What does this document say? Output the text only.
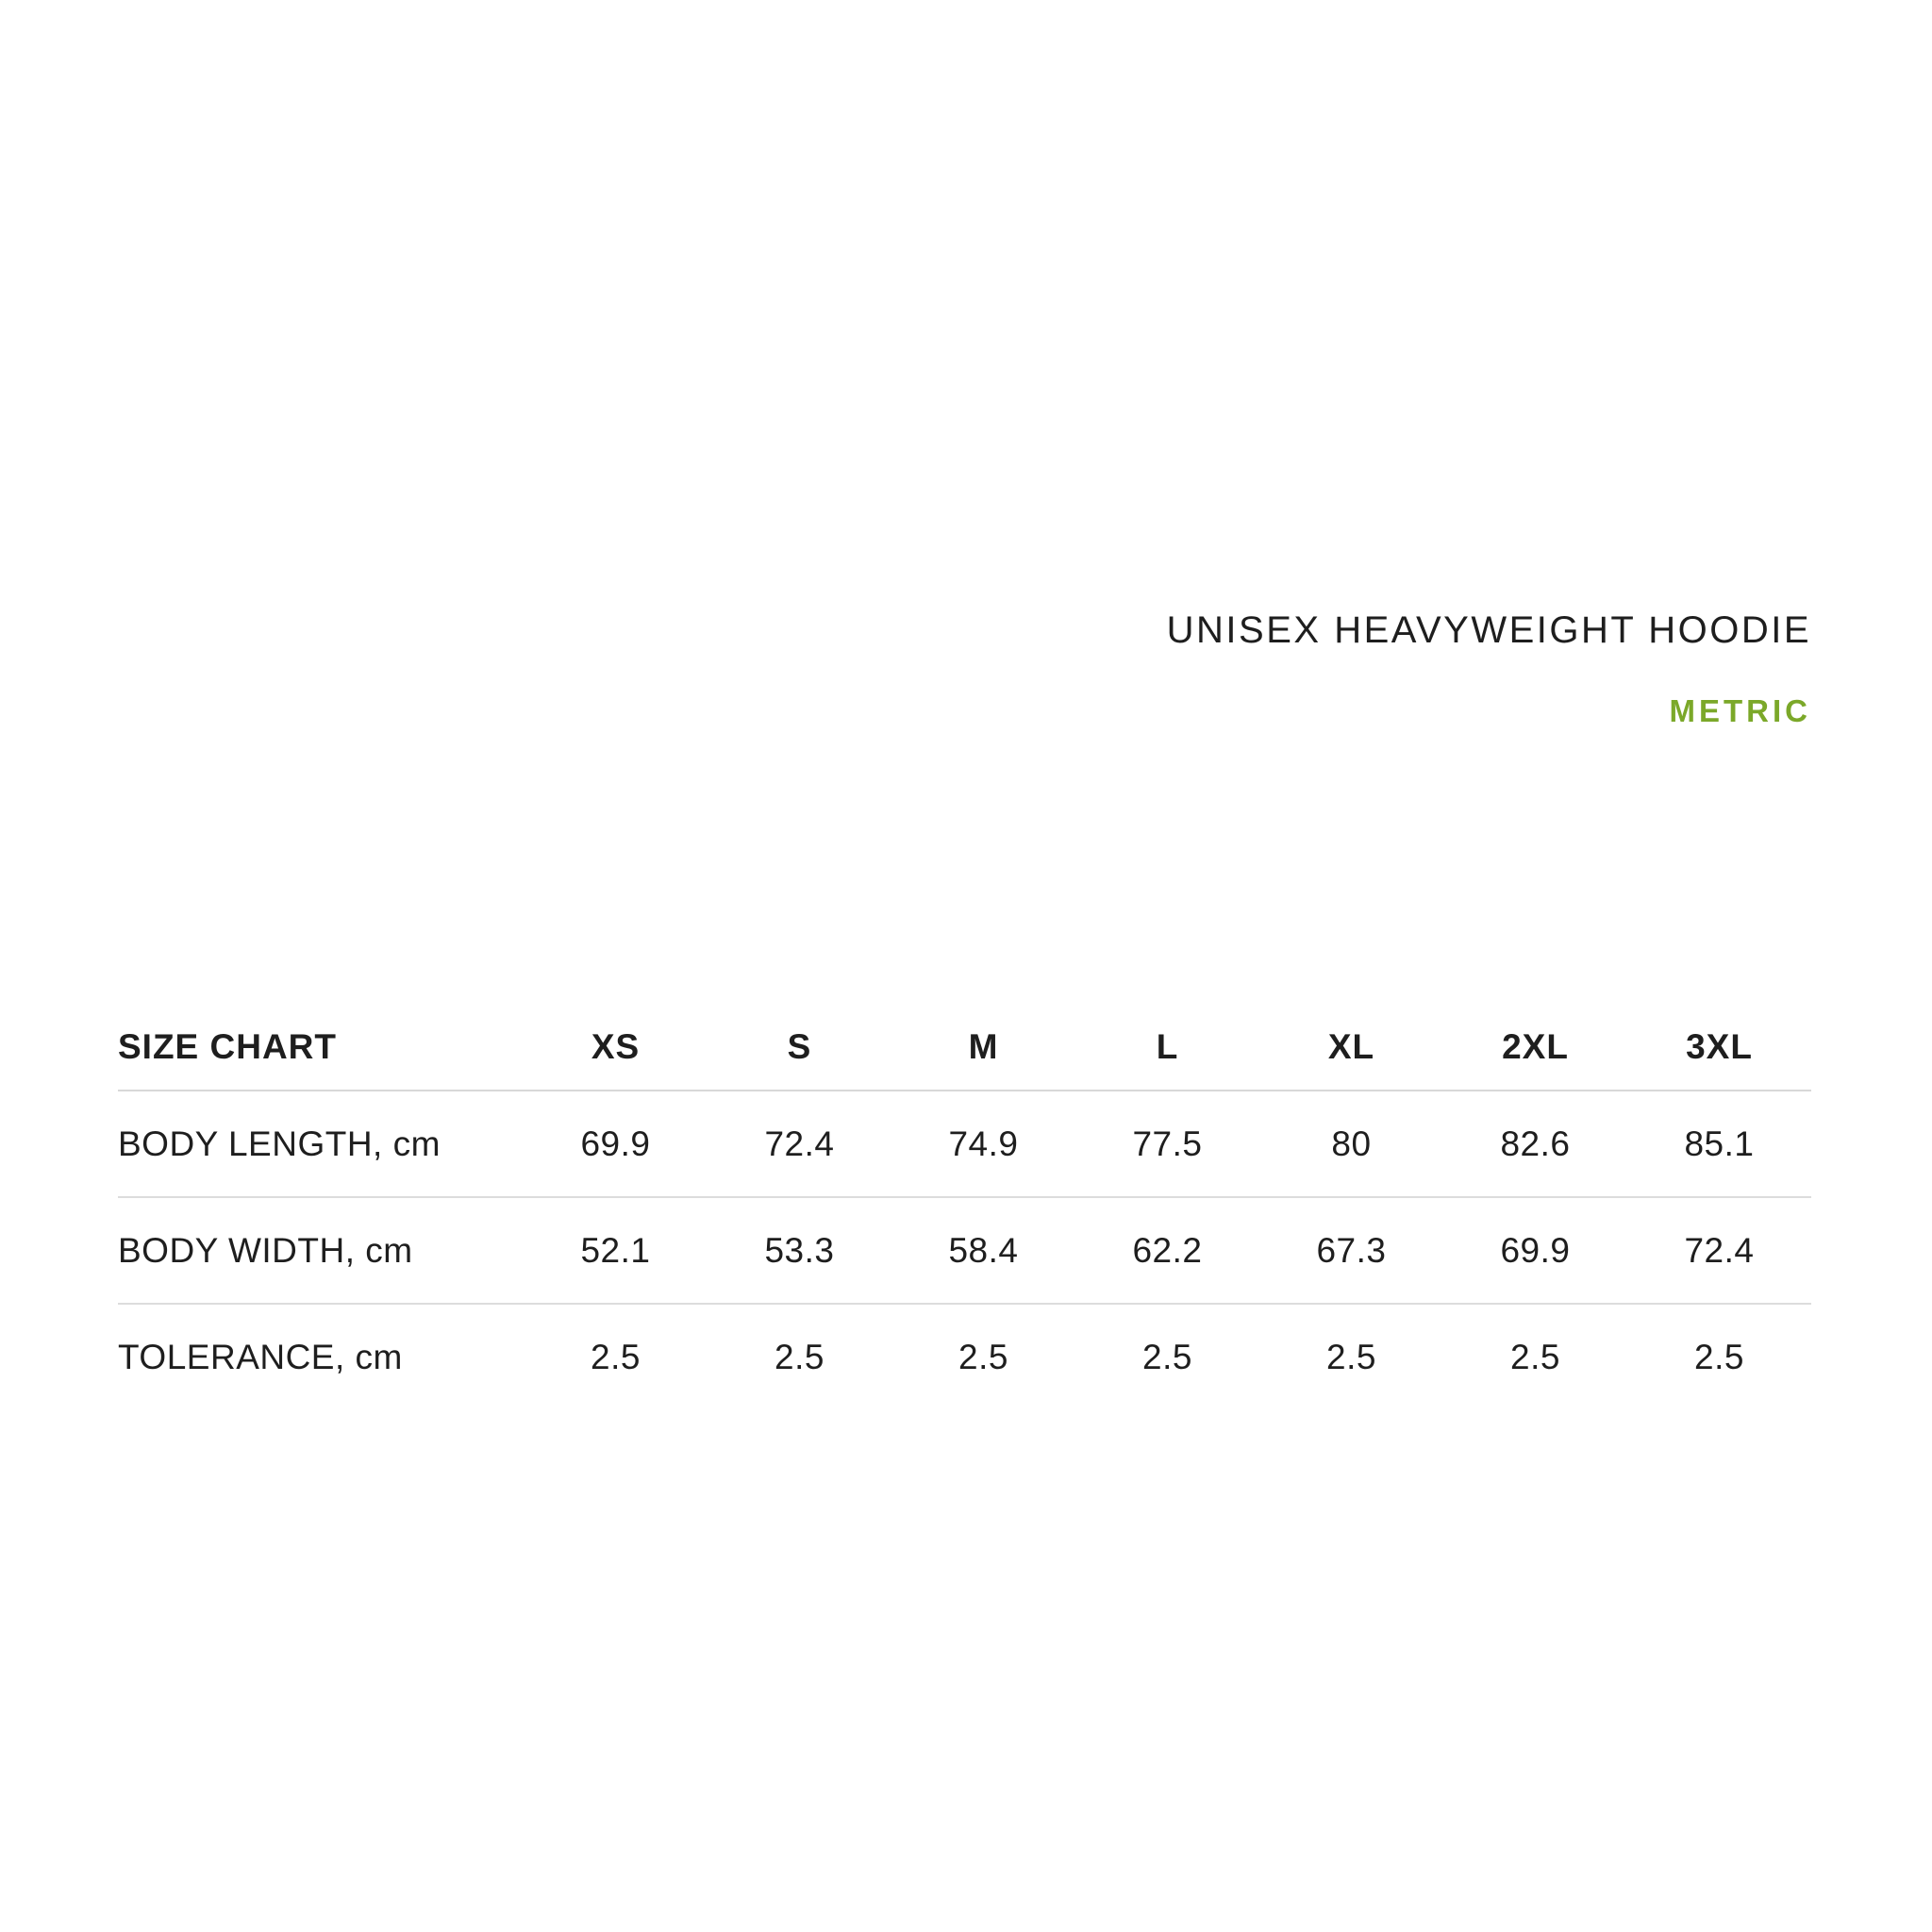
UNISEX HEAVYWEIGHT HOODIE
METRIC
SIZE CHART	XS	S	M	L	XL	2XL	3XL
BODY LENGTH, cm	69.9	72.4	74.9	77.5	80	82.6	85.1
BODY WIDTH, cm	52.1	53.3	58.4	62.2	67.3	69.9	72.4
TOLERANCE, cm	2.5	2.5	2.5	2.5	2.5	2.5	2.5
